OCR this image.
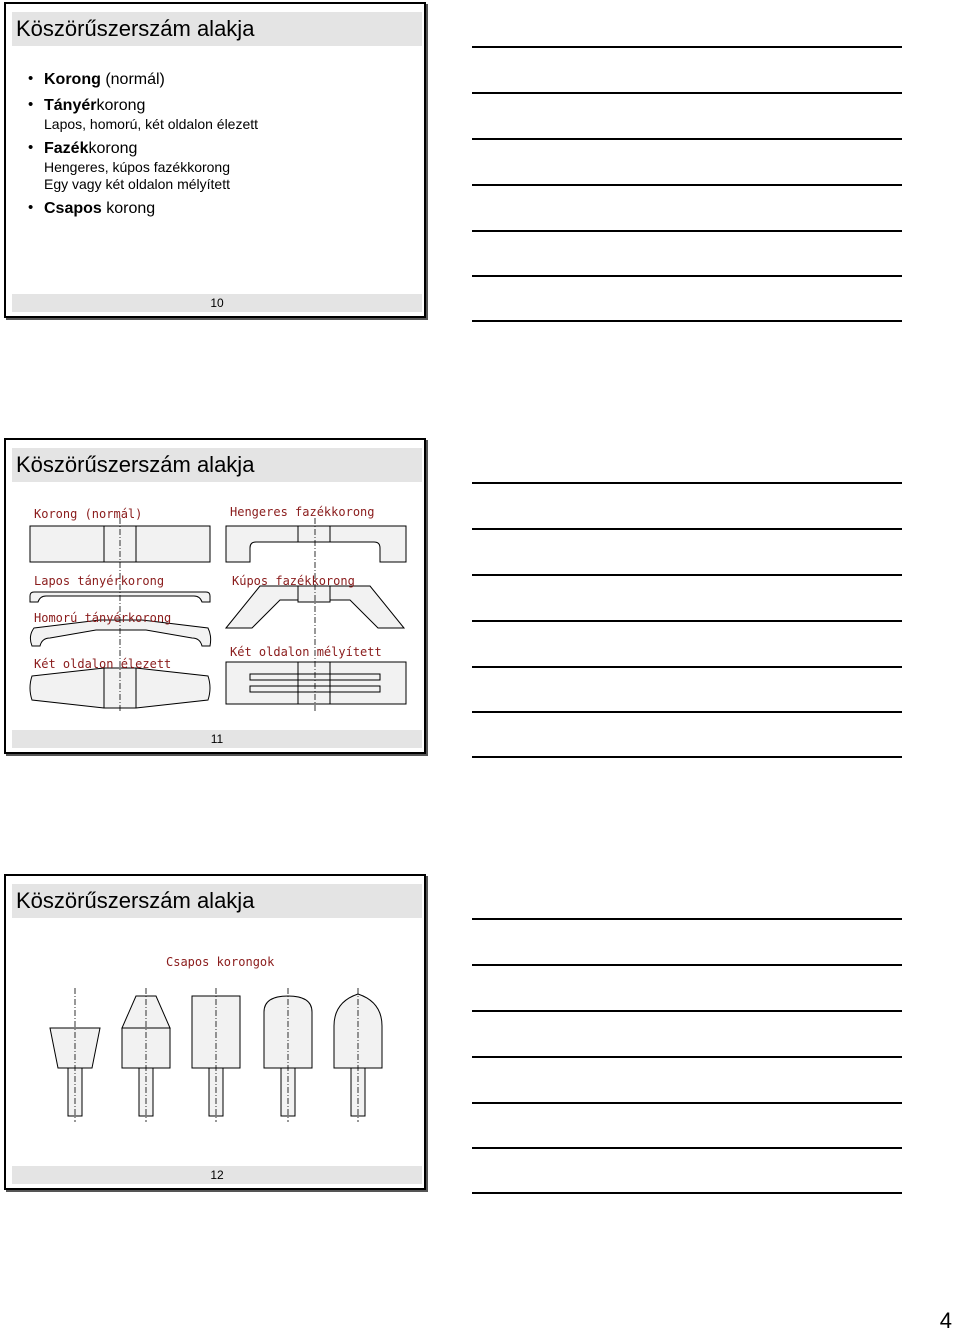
Köszörűszerszám alakja
• Korong (normál)
• Tányérkorong
Lapos, homorú, két oldalon élezett
• Fazékkorong
Hengeres, kúpos fazékkorong
Egy vagy két oldalon mélyített
• Csapos korong
10
Köszörűszerszám alakja
Korong (normál)	Hengeres fazékkorong
Lapos tányérkorong	Kúpos fazékkorong
Homorú tányérkorong
Két oldalon élezett
Két oldalon mélyített
11
Köszörűszerszám alakja
Csapos korongok
12
4
